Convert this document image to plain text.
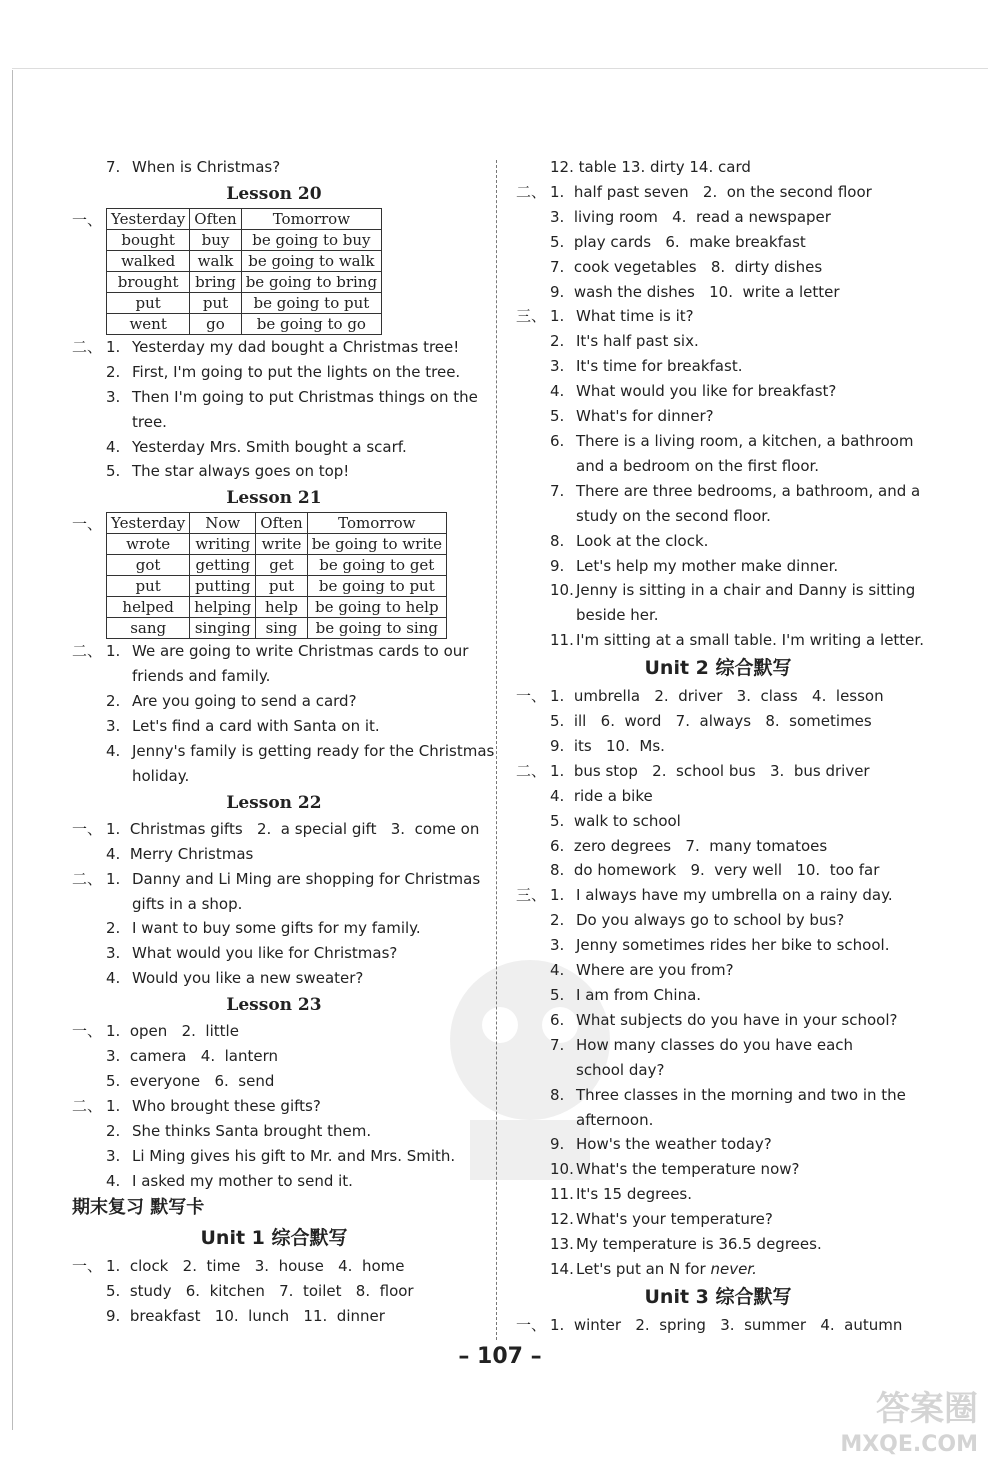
7. When is Christmas?
Lesson 20
一、 Yesterday	Often	Tomorrow
bought	buy	be going to buy
walked	walk	be going to walk
brought	bring	be going to bring
put	put	be going to put
went	go	be going to go
二、 1. Yesterday my dad bought a Christmas tree!
2. First, I'm going to put the lights on the tree.
3. Then I'm going to put Christmas things on the
tree.
4. Yesterday Mrs. Smith bought a scarf.
5. The star always goes on top!
Lesson 21
一、 Yesterday	Now	Often	Tomorrow
wrote	writing	write	be going to write
got	getting	get	be going to get
put	putting	put	be going to put
helped	helping	help	be going to help
sang	singing	sing	be going to sing
二、 1. We are going to write Christmas cards to our
friends and family.
2. Are you going to send a card?
3. Let's find a card with Santa on it.
4. Jenny's family is getting ready for the Christmas
holiday.
Lesson 22
一、 1.  Christmas gifts   2.  a special gift   3.  come on
4.  Merry Christmas
二、 1. Danny and Li Ming are shopping for Christmas
gifts in a shop.
2. I want to buy some gifts for my family.
3. What would you like for Christmas?
4. Would you like a new sweater?
Lesson 23
一、 1.  open   2.  little
3.  camera   4.  lantern
5.  everyone   6.  send
二、 1. Who brought these gifts?
2. She thinks Santa brought them.
3. Li Ming gives his gift to Mr. and Mrs. Smith.
4. I asked my mother to send it.
期末复习 默写卡
Unit 1 综合默写
一、 1.  clock   2.  time   3.  house   4.  home
5.  study   6.  kitchen   7.  toilet   8.  floor
9.  breakfast   10.  lunch   11.  dinner
12. table 13. dirty 14. card
二、 1.  half past seven   2.  on the second floor
3.  living room   4.  read a newspaper
5.  play cards   6.  make breakfast
7.  cook vegetables   8.  dirty dishes
9.  wash the dishes   10.  write a letter
三、 1. What time is it?
2. It's half past six.
3. It's time for breakfast.
4. What would you like for breakfast?
5. What's for dinner?
6. There is a living room, a kitchen, a bathroom
and a bedroom on the first floor.
7. There are three bedrooms, a bathroom, and a
study on the second floor.
8. Look at the clock.
9. Let's help my mother make dinner.
10. Jenny is sitting in a chair and Danny is sitting
beside her.
11. I'm sitting at a small table. I'm writing a letter.
Unit 2 综合默写
一、 1.  umbrella   2.  driver   3.  class   4.  lesson
5.  ill   6.  word   7.  always   8.  sometimes
9.  its   10.  Ms.
二、 1.  bus stop   2.  school bus   3.  bus driver
4.  ride a bike
5.  walk to school
6.  zero degrees   7.  many tomatoes
8.  do homework   9.  very well   10.  too far
三、 1. I always have my umbrella on a rainy day.
2. Do you always go to school by bus?
3. Jenny sometimes rides her bike to school.
4. Where are you from?
5. I am from China.
6. What subjects do you have in your school?
7. How many classes do you have each
school day?
8. Three classes in the morning and two in the
afternoon.
9. How's the weather today?
10. What's the temperature now?
11. It's 15 degrees.
12. What's your temperature?
13. My temperature is 36.5 degrees.
14. Let's put an N for never.
Unit 3 综合默写
一、 1.  winter   2.  spring   3.  summer   4.  autumn
– 107 –
答案圈
MXQE.COM
